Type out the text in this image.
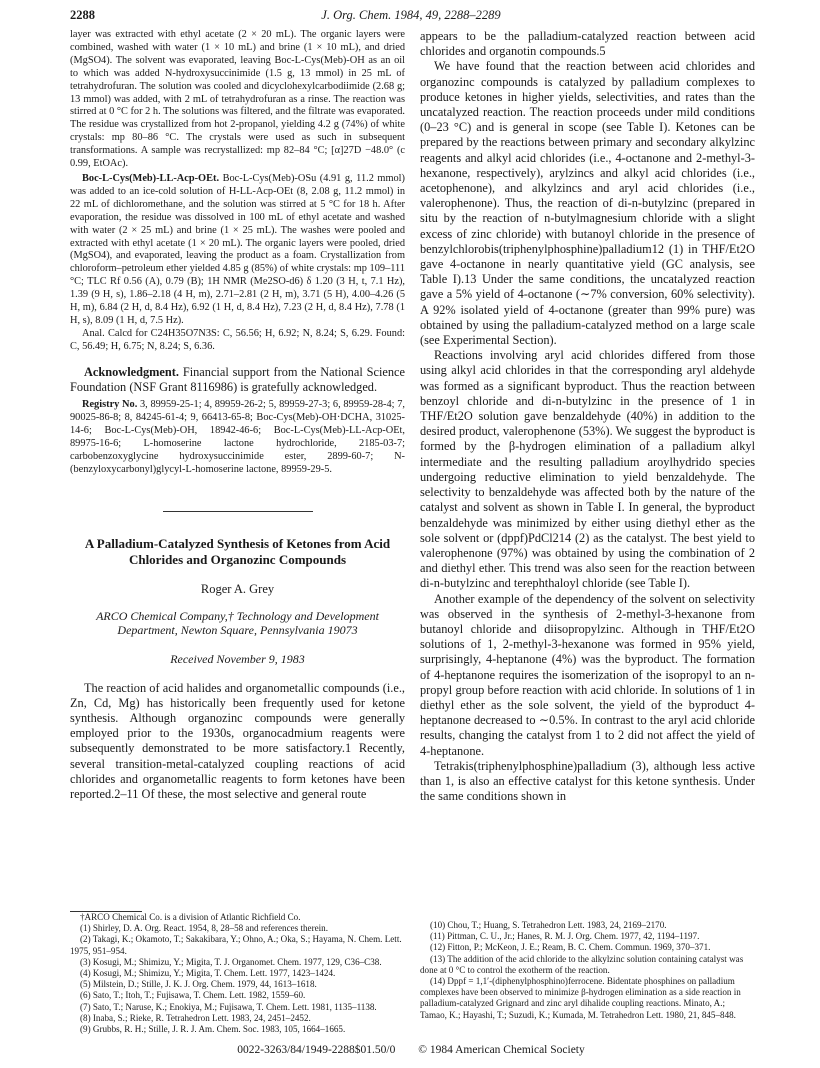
2288	J. Org. Chem. 1984, 49, 2288–2289

layer was extracted with ethyl acetate (2 × 20 mL). The organic layers were combined, washed with water (1 × 10 mL) and brine (1 × 10 mL), and dried (MgSO4). The solvent was evaporated, leaving Boc-L-Cys(Meb)-OH as an oil to which was added N-hydroxysuccinimide (1.5 g, 13 mmol) in 25 mL of tetrahydrofuran. The solution was cooled and dicyclohexylcarbodiimide (2.68 g; 13 mmol) was added, with 2 mL of tetrahydrofuran as a rinse. The reaction was stirred at 0 °C for 2 h. The solutions was filtered, and the filtrate was evaporated. The residue was crystallized from hot 2-propanol, yielding 4.2 g (74%) of white crystals: mp 80–86 °C. The crystals were used as such in subsequent transformations. A sample was recrystallized: mp 82–84 °C; [α]27D −48.0° (c 0.99, EtOAc).

Boc-L-Cys(Meb)-LL-Acp-OEt. Boc-L-Cys(Meb)-OSu (4.91 g, 11.2 mmol) was added to an ice-cold solution of H-LL-Acp-OEt (8, 2.08 g, 11.2 mmol) in 22 mL of dichloromethane, and the solution was stirred at 5 °C for 18 h. After evaporation, the residue was dissolved in 100 mL of ethyl acetate and washed with water (2 × 25 mL) and brine (1 × 25 mL). The washes were pooled and extracted with ethyl acetate (1 × 20 mL). The organic layers were pooled, dried (MgSO4), and evaporated, leaving the product as a foam. Crystallization from chloroform–petroleum ether yielded 4.85 g (85%) of white crystals: mp 109–111 °C; TLC Rf 0.56 (A), 0.79 (B); 1H NMR (Me2SO-d6) δ 1.20 (3 H, t, 7.1 Hz), 1.39 (9 H, s), 1.86–2.18 (4 H, m), 2.71–2.81 (2 H, m), 3.71 (5 H), 4.00–4.26 (5 H, m), 6.84 (2 H, d, 8.4 Hz), 6.92 (1 H, d, 8.4 Hz), 7.23 (2 H, d, 8.4 Hz), 7.78 (1 H, s), 8.09 (1 H, d, 7.5 Hz).

Anal. Calcd for C24H35O7N3S: C, 56.56; H, 6.92; N, 8.24; S, 6.29. Found: C, 56.49; H, 6.75; N, 8.24; S, 6.36.

Acknowledgment. Financial support from the National Science Foundation (NSF Grant 8116986) is gratefully acknowledged.

Registry No. 3, 89959-25-1; 4, 89959-26-2; 5, 89959-27-3; 6, 89959-28-4; 7, 90025-86-8; 8, 84245-61-4; 9, 66413-65-8; Boc-Cys(Meb)-OH·DCHA, 31025-14-6; Boc-L-Cys(Meb)-OH, 18942-46-6; Boc-L-Cys(Meb)-LL-Acp-OEt, 89975-16-6; L-homoserine lactone hydrochloride, 2185-03-7; carbobenzoxyglycine hydroxysuccinimide ester, 2899-60-7; N-(benzyloxycarbonyl)glycyl-L-homoserine lactone, 89959-29-5.

A Palladium-Catalyzed Synthesis of Ketones from Acid Chlorides and Organozinc Compounds

Roger A. Grey

ARCO Chemical Company,† Technology and Development Department, Newton Square, Pennsylvania 19073

Received November 9, 1983

The reaction of acid halides and organometallic compounds (i.e., Zn, Cd, Mg) has historically been frequently used for ketone synthesis. Although organozinc compounds were generally employed prior to the 1930s, organocadmium reagents were subsequently demonstrated to be more satisfactory.1 Recently, several transition-metal-catalyzed coupling reactions of acid chlorides and organometallic reagents to form ketones have been reported.2–11 Of these, the most selective and general route

appears to be the palladium-catalyzed reaction between acid chlorides and organotin compounds.5

We have found that the reaction between acid chlorides and organozinc compounds is catalyzed by palladium complexes to produce ketones in higher yields, selectivities, and rates than the uncatalyzed reaction. The reaction proceeds under mild conditions (0–23 °C) and is general in scope (see Table I). Ketones can be prepared by the reactions between primary and secondary alkylzinc reagents and alkyl acid chlorides (i.e., 4-octanone and 2-methyl-3-hexanone, respectively), arylzincs and alkyl acid chlorides (i.e., acetophenone), and alkylzincs and aryl acid chlorides (i.e., valerophenone). Thus, the reaction of di-n-butylzinc (prepared in situ by the reaction of n-butylmagnesium chloride with a slight excess of zinc chloride) with butanoyl chloride in the presence of benzylchlorobis(triphenylphosphine)palladium12 (1) in THF/Et2O gave 4-octanone in nearly quantitative yield (GC analysis, see Table I).13 Under the same conditions, the uncatalyzed reaction gave a 5% yield of 4-octanone (∼7% conversion, 60% selectivity). A 92% isolated yield of 4-octanone (greater than 99% pure) was obtained by using the palladium-catalyzed method on a large scale (see Experimental Section).

Reactions involving aryl acid chlorides differed from those using alkyl acid chlorides in that the corresponding aryl aldehyde was formed as a significant byproduct. Thus the reaction between benzoyl chloride and di-n-butylzinc in the presence of 1 in THF/Et2O solution gave benzaldehyde (40%) in addition to the desired product, valerophenone (53%). We suggest the byproduct is formed by the β-hydrogen elimination of a palladium alkyl intermediate and the resulting palladium aroylhydrido species undergoing reductive elimination to yield benzaldehyde. The selectivity to benzaldehyde was affected both by the nature of the catalyst and solvent as shown in Table I. In general, the byproduct benzaldehyde was minimized by either using diethyl ether as the sole solvent or (dppf)PdCl214 (2) as the catalyst. The best yield to valerophenone (97%) was obtained by using the combination of 2 and diethyl ether. This trend was also seen for the reaction between di-n-butylzinc and terephthaloyl chloride (see Table I).

Another example of the dependency of the solvent on selectivity was observed in the synthesis of 2-methyl-3-hexanone from butanoyl chloride and diisopropylzinc. Although in THF/Et2O solutions of 1, 2-methyl-3-hexanone was formed in 95% yield, surprisingly, 4-heptanone (4%) was the byproduct. The formation of 4-heptanone requires the isomerization of the isopropyl to an n-propyl group before reaction with acid chloride. In solutions of 1 in diethyl ether as the sole solvent, the yield of the byproduct 4-heptanone decreased to ∼0.5%. In contrast to the aryl acid chloride results, changing the catalyst from 1 to 2 did not affect the yield of 4-heptanone.

Tetrakis(triphenylphosphine)palladium (3), although less active than 1, is also an effective catalyst for this ketone synthesis. Under the same conditions shown in

†ARCO Chemical Co. is a division of Atlantic Richfield Co.

(1) Shirley, D. A. Org. React. 1954, 8, 28–58 and references therein.

(2) Takagi, K.; Okamoto, T.; Sakakibara, Y.; Ohno, A.; Oka, S.; Hayama, N. Chem. Lett. 1975, 951–954.

(3) Kosugi, M.; Shimizu, Y.; Migita, T. J. Organomet. Chem. 1977, 129, C36–C38.

(4) Kosugi, M.; Shimizu, Y.; Migita, T. Chem. Lett. 1977, 1423–1424.

(5) Milstein, D.; Stille, J. K. J. Org. Chem. 1979, 44, 1613–1618.

(6) Sato, T.; Itoh, T.; Fujisawa, T. Chem. Lett. 1982, 1559–60.

(7) Sato, T.; Naruse, K.; Enokiya, M.; Fujisawa, T. Chem. Lett. 1981, 1135–1138.

(8) Inaba, S.; Rieke, R. Tetrahedron Lett. 1983, 24, 2451–2452.

(9) Grubbs, R. H.; Stille, J. R. J. Am. Chem. Soc. 1983, 105, 1664–1665.

(10) Chou, T.; Huang, S. Tetrahedron Lett. 1983, 24, 2169–2170.

(11) Pittman, C. U., Jr.; Hanes, R. M. J. Org. Chem. 1977, 42, 1194–1197.

(12) Fitton, P.; McKeon, J. E.; Ream, B. C. Chem. Commun. 1969, 370–371.

(13) The addition of the acid chloride to the alkylzinc solution containing catalyst was done at 0 °C to control the exotherm of the reaction.

(14) Dppf = 1,1′-(diphenylphosphino)ferrocene. Bidentate phosphines on palladium complexes have been observed to minimize β-hydrogen elimination as a side reaction in palladium-catalyzed Grignard and zinc aryl dihalide coupling reactions. Minato, A.; Tamao, K.; Hayashi, T.; Suzudi, K.; Kumada, M. Tetrahedron Lett. 1980, 21, 845–848.

0022-3263/84/1949-2288$01.50/0 © 1984 American Chemical Society
